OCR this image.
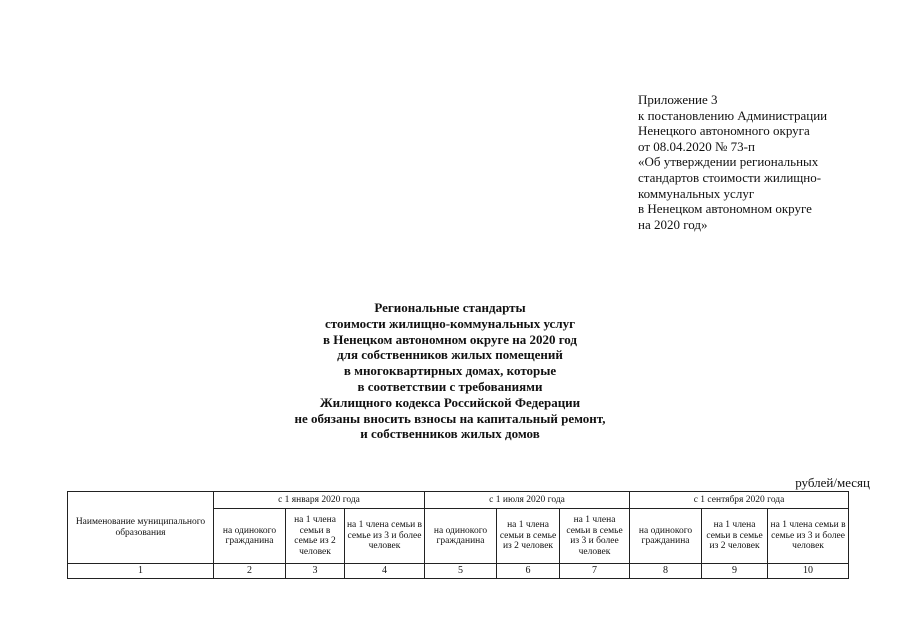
Приложение 3
к постановлению Администрации
Ненецкого автономного округа
от 08.04.2020 № 73-п
«Об утверждении региональных
стандартов стоимости жилищно-
коммунальных услуг
в Ненецком автономном округе
на 2020 год»
Региональные стандарты
стоимости жилищно-коммунальных услуг
в Ненецком автономном округе на 2020 год
для собственников жилых помещений
в многоквартирных домах, которые
в соответствии с требованиями
Жилищного кодекса Российской Федерации
не обязаны вносить взносы на капитальный ремонт,
и собственников жилых домов
рублей/месяц
Наименование муниципального образования	с 1 января 2020 года			с 1 июля 2020 года			с 1 сентября 2020 года		
	на одинокого гражданина	на 1 члена семьи в семье из 2 человек	на 1 члена семьи в семье из 3 и более человек	на одинокого гражданина	на 1 члена семьи в семье из 2 человек	на 1 члена семьи в семье из 3 и более человек	на одинокого гражданина	на 1 члена семьи в семье из 2 человек	на 1 члена семьи в семье из 3 и более человек
1	2	3	4	5	6	7	8	9	10
